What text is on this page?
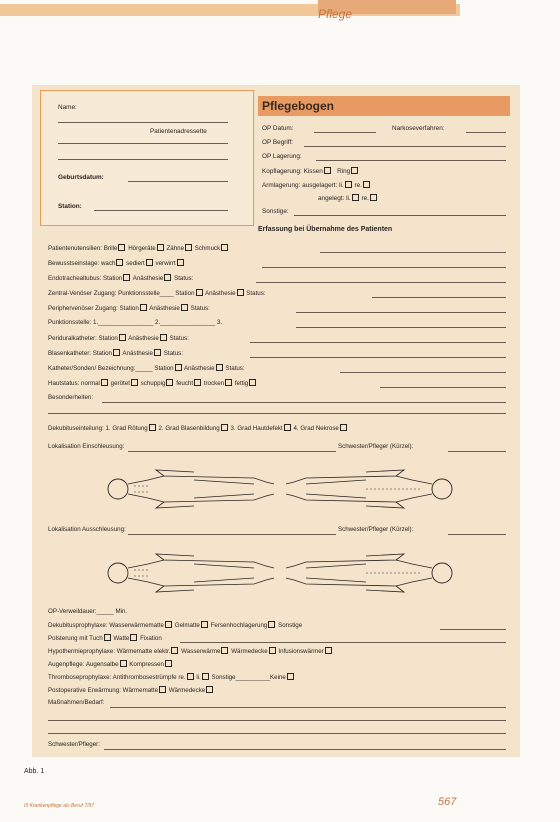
Pflege
Name:
Patientenadressette
Geburtsdatum:
Station:
Pflegebogen
OP Datum:	Narkoseverfahren:
OP Begriff:
OP Lagerung:
Kopflagerung: Kissen Ring
Armlagerung: ausgelagert: li. re.
angelegt: li. re.
Sonstige:
Erfassung bei Übernahme des Patienten
Patientenutensilien: Brille Hörgeräte Zähne Schmuck
Bewusstseinslage: wach sediert verwirrt
Endotrachealtubus: Station Anästhesie Status:
Zentral-Venöser Zugang: Punktionsstelle____ Station Anästhesie Status:
Periphervenöser Zugang: Station Anästhesie Status:
Punktionsstelle: 1.________________ 2.________________ 3.
Periduralkatheter: Station Anästhesie Status:
Blasenkatheter: Station Anästhesie Status:
Katheter/Sonden/ Bezeichnung:_____ Station Anästhesie Status:
Hautstatus: normal gerötet schuppig feucht trocken fettig
Besonderheiten:
Dekubituseinteilung: 1. Grad Rötung 2. Grad Blasenbildung 3. Grad Hautdefekt 4. Grad Nekrose
Lokalisation Einschleusung:	Schwester/Pfleger (Kürzel):
Lokalisation Ausschleusung:	Schwester/Pfleger (Kürzel):
OP-Verweildauer:_____ Min.
Dekubitusprophylaxe: Wasserwärmematte Gelmatte Fersenhochlagerung Sonstige
Polsterung mit Tuch Watte Fixation
Hypothermieprophylaxe: Wärmematte elektr. Wasserwärme Wärmedecke Infusionswärmer
Augenpflege: Augensalbe Kompressen
Thromboseprophylaxe: Antithrombosestrümpfe re. li. Sonstige__________Keine
Postoperative Erwärmung: Wärmematte Wärmedecke
Maßnahmen/Bedarf:
Schwester/Pfleger:
Abb. 1
III Krankenpflege als Beruf 7/97	567
